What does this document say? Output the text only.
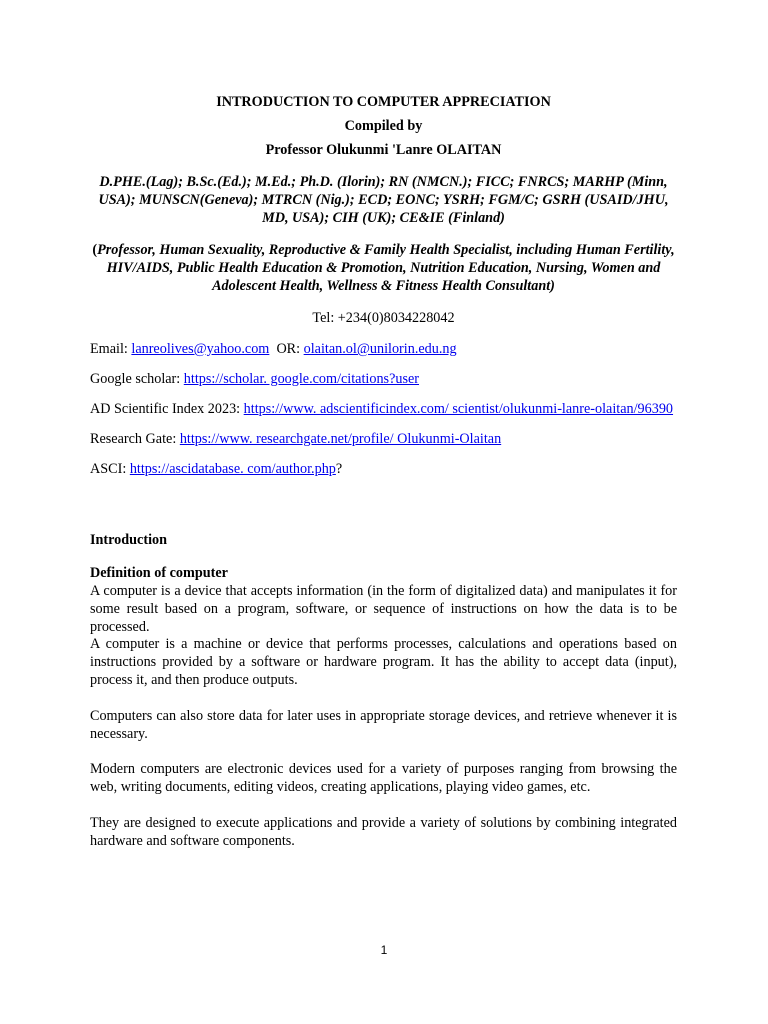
INTRODUCTION TO COMPUTER APPRECIATION

Compiled by

Professor Olukunmi 'Lanre OLAITAN

D.PHE.(Lag); B.Sc.(Ed.); M.Ed.; Ph.D. (Ilorin); RN (NMCN.); FICC; FNRCS; MARHP (Minn, USA); MUNSCN(Geneva); MTRCN (Nig.); ECD; EONC; YSRH; FGM/C; GSRH (USAID/JHU, MD, USA); CIH (UK); CE&IE (Finland)

(Professor, Human Sexuality, Reproductive & Family Health Specialist, including Human Fertility, HIV/AIDS, Public Health Education & Promotion, Nutrition Education, Nursing, Women and Adolescent Health, Wellness & Fitness Health Consultant)

Tel: +234(0)8034228042

Email: lanreolives@yahoo.com  OR: olaitan.ol@unilorin.edu.ng

Google scholar: https://scholar. google.com/citations?user

AD Scientific Index 2023: https://www. adscientificindex.com/ scientist/olukunmi-lanre-olaitan/96390

Research Gate: https://www. researchgate.net/profile/ Olukunmi-Olaitan

ASCI: https://ascidatabase. com/author.php?

Introduction

Definition of computer

A computer is a device that accepts information (in the form of digitalized data) and manipulates it for some result based on a program, software, or sequence of instructions on how the data is to be processed.

A computer is a machine or device that performs processes, calculations and operations based on instructions provided by a software or hardware program. It has the ability to accept data (input), process it, and then produce outputs.

Computers can also store data for later uses in appropriate storage devices, and retrieve whenever it is necessary.

Modern computers are electronic devices used for a variety of purposes ranging from browsing the web, writing documents, editing videos, creating applications, playing video games, etc.

They are designed to execute applications and provide a variety of solutions by combining integrated hardware and software components.

1
